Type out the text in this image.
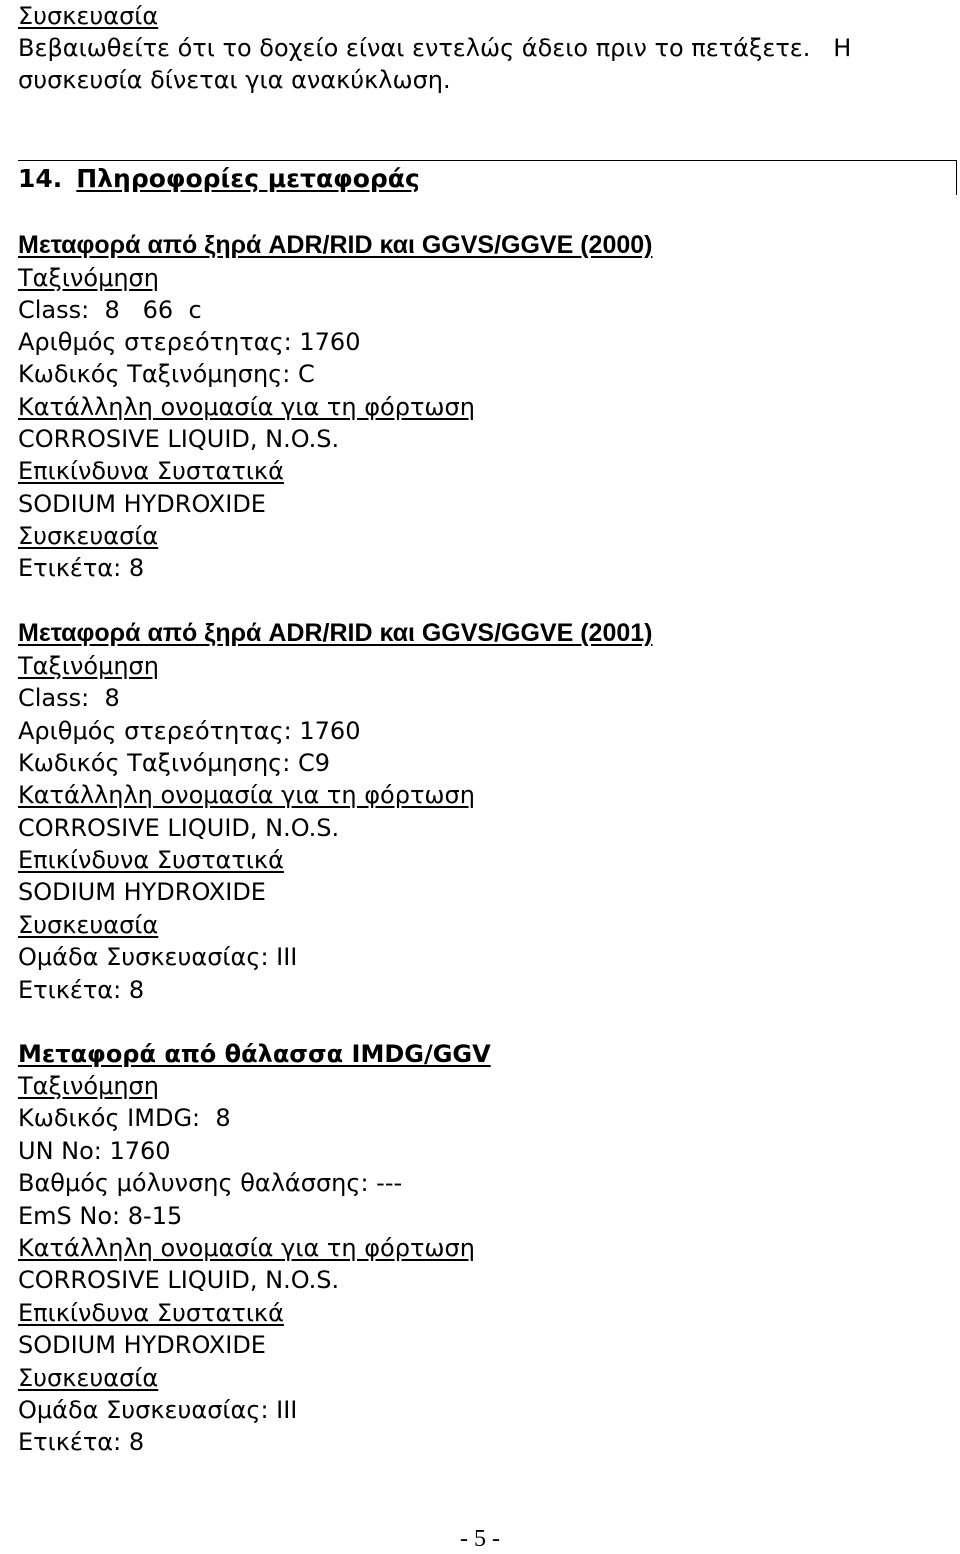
Συσκευασία

Βεβαιωθείτε ότι το δοχείο είναι εντελώς άδειο πριν το πετάξετε.   Η

συσκευσία δίνεται για ανακύκλωση.

14. Πληροφορίες μεταφοράς

Μεταφορά από ξηρά ADR/RID και GGVS/GGVE (2000)

Ταξινόμηση

Class:  8   66  c

Αριθμός στερεότητας: 1760

Κωδικός Ταξινόμησης: C

Κατάλληλη ονομασία για τη φόρτωση

CORROSIVE LIQUID, N.O.S.

Επικίνδυνα Συστατικά

SODIUM HYDROXIDE

Συσκευασία

Ετικέτα: 8

Μεταφορά από ξηρά ADR/RID και GGVS/GGVE (2001)

Ταξινόμηση

Class:  8

Αριθμός στερεότητας: 1760

Κωδικός Ταξινόμησης: C9

Κατάλληλη ονομασία για τη φόρτωση

CORROSIVE LIQUID, N.O.S.

Επικίνδυνα Συστατικά

SODIUM HYDROXIDE

Συσκευασία

Ομάδα Συσκευασίας: III

Ετικέτα: 8

Μεταφορά από θάλασσα IMDG/GGV

Ταξινόμηση

Κωδικός IMDG:  8

UN No: 1760

Βαθμός μόλυνσης θαλάσσης: ---

EmS No: 8-15

Κατάλληλη ονομασία για τη φόρτωση

CORROSIVE LIQUID, N.O.S.

Επικίνδυνα Συστατικά

SODIUM HYDROXIDE

Συσκευασία

Ομάδα Συσκευασίας: III

Ετικέτα: 8

- 5 -
